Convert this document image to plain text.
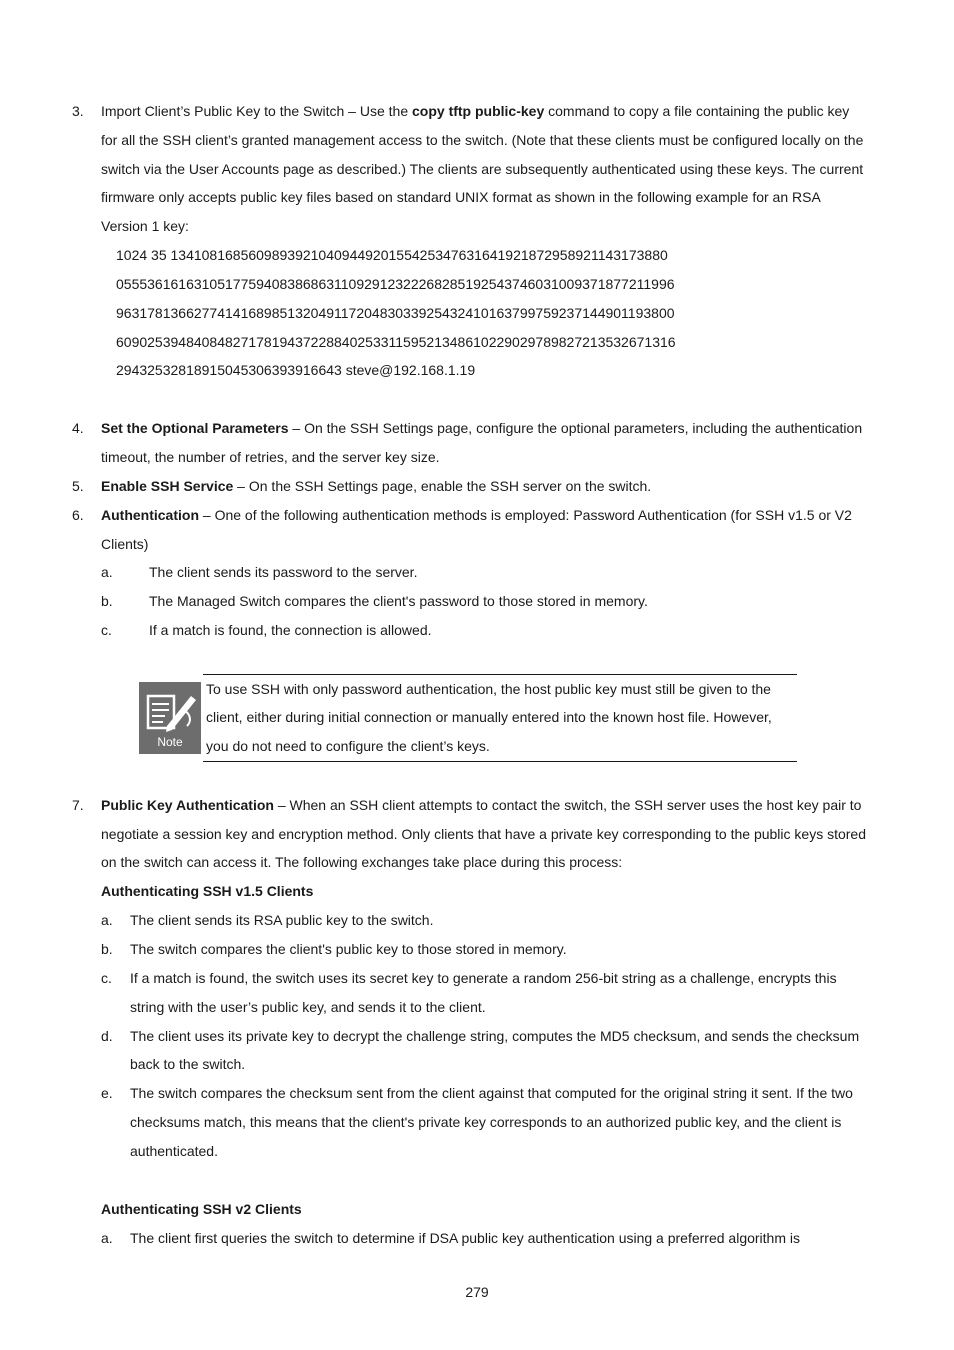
3. Import Client’s Public Key to the Switch – Use the copy tftp public-key command to copy a file containing the public key
for all the SSH client’s granted management access to the switch. (Note that these clients must be configured locally on the
switch via the User Accounts page as described.) The clients are subsequently authenticated using these keys. The current
firmware only accepts public key files based on standard UNIX format as shown in the following example for an RSA
Version 1 key:
1024 35 134108168560989392104094492015542534763164192187295892114317388​0
0555361616310517759408386863110929123222682851925437460310093718772119​96
9631781366277414168985132049117204830339254324101637997592371449011938​00
6090253948408482717819437228840253311595213486102290297898272135326713​16
29432532818915045306393916643 steve@192.168.1.19
4. Set the Optional Parameters – On the SSH Settings page, configure the optional parameters, including the authentication
timeout, the number of retries, and the server key size.
5. Enable SSH Service – On the SSH Settings page, enable the SSH server on the switch.
6. Authentication – One of the following authentication methods is employed: Password Authentication (for SSH v1.5 or V2
Clients)
a.	The client sends its password to the server.
b.	The Managed Switch compares the client's password to those stored in memory.
c.	If a match is found, the connection is allowed.
Note
To use SSH with only password authentication, the host public key must still be given to the
client, either during initial connection or manually entered into the known host file. However,
you do not need to configure the client’s keys.
7. Public Key Authentication – When an SSH client attempts to contact the switch, the SSH server uses the host key pair to
negotiate a session key and encryption method. Only clients that have a private key corresponding to the public keys stored
on the switch can access it. The following exchanges take place during this process:
Authenticating SSH v1.5 Clients
a. The client sends its RSA public key to the switch.
b. The switch compares the client's public key to those stored in memory.
c. If a match is found, the switch uses its secret key to generate a random 256-bit string as a challenge, encrypts this
string with the user’s public key, and sends it to the client.
d. The client uses its private key to decrypt the challenge string, computes the MD5 checksum, and sends the checksum
back to the switch.
e. The switch compares the checksum sent from the client against that computed for the original string it sent. If the two
checksums match, this means that the client's private key corresponds to an authorized public key, and the client is
authenticated.
Authenticating SSH v2 Clients
a. The client first queries the switch to determine if DSA public key authentication using a preferred algorithm is
279
